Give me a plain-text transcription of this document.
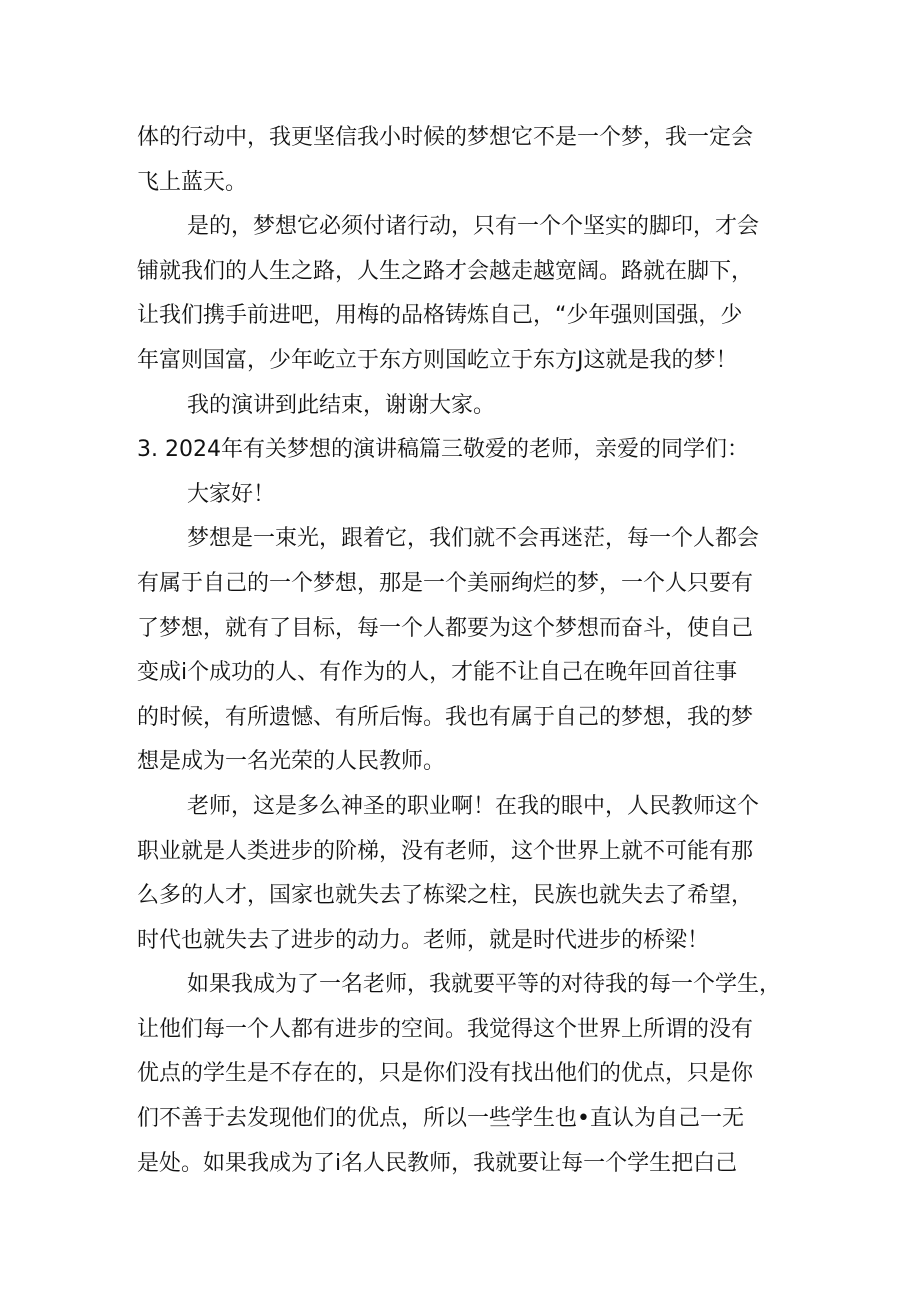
体的行动中，我更坚信我小时候的梦想它不是一个梦，我一定会
飞上蓝天。
是的，梦想它必须付诸行动，只有一个个坚实的脚印，才会
铺就我们的人生之路，人生之路才会越走越宽阔。路就在脚下，
让我们携手前进吧，用梅的品格铸炼自己，“少年强则国强，少
年富则国富，少年屹立于东方则国屹立于东方J这就是我的梦！
我的演讲到此结束，谢谢大家。
3. 2024年有关梦想的演讲稿篇三敬爱的老师，亲爱的同学们：
大家好！
梦想是一束光，跟着它，我们就不会再迷茫，每一个人都会
有属于自己的一个梦想，那是一个美丽绚烂的梦，一个人只要有
了梦想，就有了目标，每一个人都要为这个梦想而奋斗，使自己
变成i个成功的人、有作为的人，才能不让自己在晚年回首往事
的时候，有所遗憾、有所后悔。我也有属于自己的梦想，我的梦
想是成为一名光荣的人民教师。
老师，这是多么神圣的职业啊！在我的眼中，人民教师这个
职业就是人类进步的阶梯，没有老师，这个世界上就不可能有那
么多的人才，国家也就失去了栋梁之柱，民族也就失去了希望，
时代也就失去了进步的动力。老师，就是时代进步的桥梁！
如果我成为了一名老师，我就要平等的对待我的每一个学生，
让他们每一个人都有进步的空间。我觉得这个世界上所谓的没有
优点的学生是不存在的，只是你们没有找出他们的优点，只是你
们不善于去发现他们的优点，所以一些学生也•直认为自己一无
是处。如果我成为了i名人民教师，我就要让每一个学生把白己
